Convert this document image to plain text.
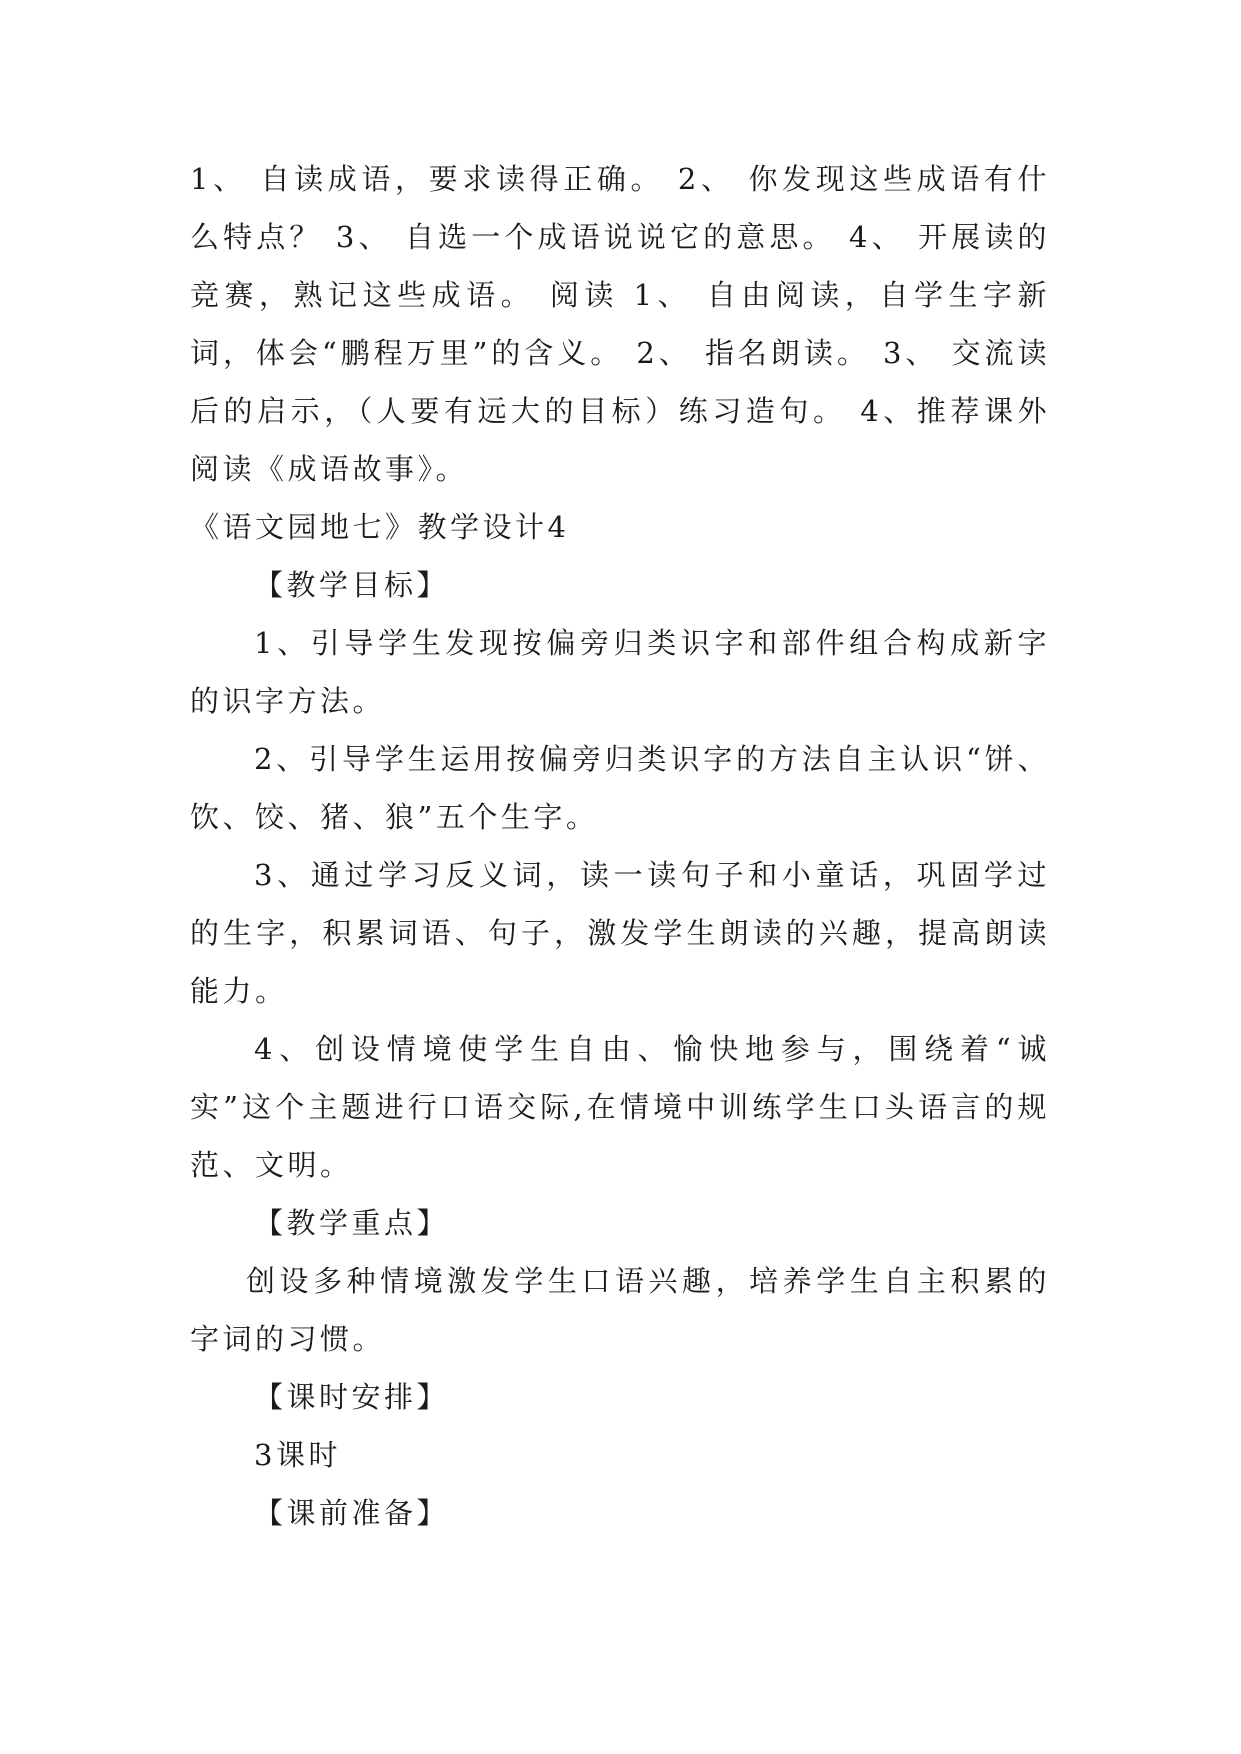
1、 自读成语，要求读得正确。 2、 你发现这些成语有什么特点？ 3、 自选一个成语说说它的意思。 4、 开展读的竞赛，熟记这些成语。 阅读 1、 自由阅读，自学生字新词，体会“鹏程万里”的含义。 2、 指名朗读。 3、 交流读后的启示，（人要有远大的目标）练习造句。 4、推荐课外阅读《成语故事》。

《语文园地七》教学设计4

【教学目标】

1、引导学生发现按偏旁归类识字和部件组合构成新字的识字方法。

2、引导学生运用按偏旁归类识字的方法自主认识“饼、饮、饺、猪、狼”五个生字。

3、通过学习反义词，读一读句子和小童话，巩固学过的生字，积累词语、句子，激发学生朗读的兴趣，提高朗读能力。

4、创设情境使学生自由、愉快地参与，围绕着“诚实”这个主题进行口语交际,在情境中训练学生口头语言的规范、文明。

【教学重点】

创设多种情境激发学生口语兴趣，培养学生自主积累的字词的习惯。

【课时安排】

3课时

【课前准备】
